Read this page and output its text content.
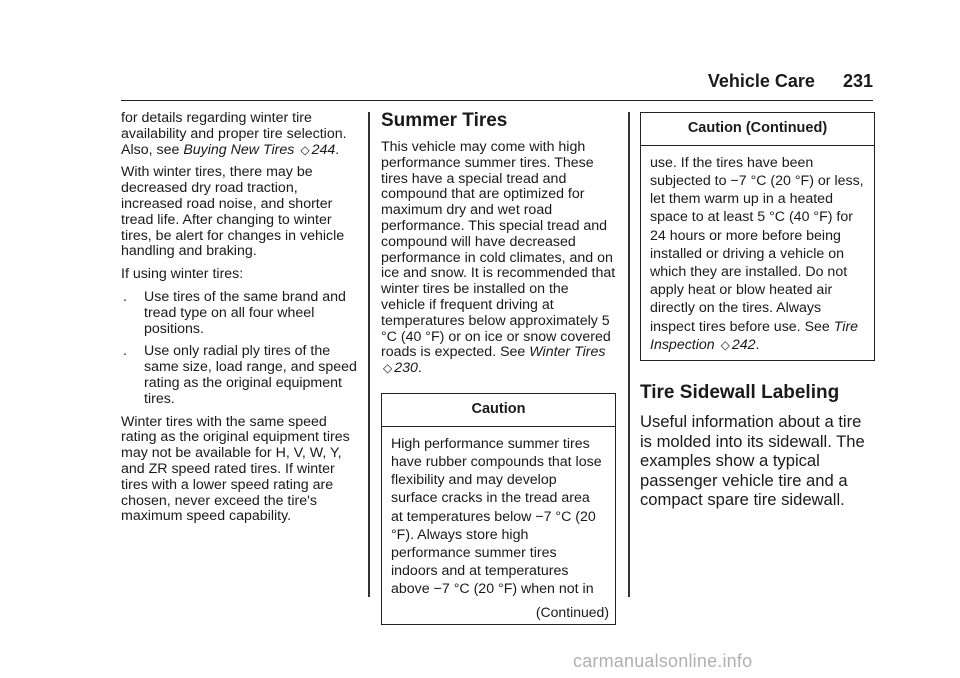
Vehicle Care 231

for details regarding winter tire availability and proper tire selection. Also, see Buying New Tires ◇ 244.

With winter tires, there may be decreased dry road traction, increased road noise, and shorter tread life. After changing to winter tires, be alert for changes in vehicle handling and braking.

If using winter tires:

. Use tires of the same brand and tread type on all four wheel positions.
. Use only radial ply tires of the same size, load range, and speed rating as the original equipment tires.

Winter tires with the same speed rating as the original equipment tires may not be available for H, V, W, Y, and ZR speed rated tires. If winter tires with a lower speed rating are chosen, never exceed the tire's maximum speed capability.

Summer Tires

This vehicle may come with high performance summer tires. These tires have a special tread and compound that are optimized for maximum dry and wet road performance. This special tread and compound will have decreased performance in cold climates, and on ice and snow. It is recommended that winter tires be installed on the vehicle if frequent driving at temperatures below approximately 5 °C (40 °F) or on ice or snow covered roads is expected. See Winter Tires ◇ 230.

Caution
High performance summer tires have rubber compounds that lose flexibility and may develop surface cracks in the tread area at temperatures below −7 °C (20 °F). Always store high performance summer tires indoors and at temperatures above −7 °C (20 °F) when not in
(Continued)
Caution (Continued)
use. If the tires have been subjected to −7 °C (20 °F) or less, let them warm up in a heated space to at least 5 °C (40 °F) for 24 hours or more before being installed or driving a vehicle on which they are installed. Do not apply heat or blow heated air directly on the tires. Always inspect tires before use. See Tire Inspection ◇ 242.
Tire Sidewall Labeling

Useful information about a tire is molded into its sidewall. The examples show a typical passenger vehicle tire and a compact spare tire sidewall.

carmanualsonline.info
